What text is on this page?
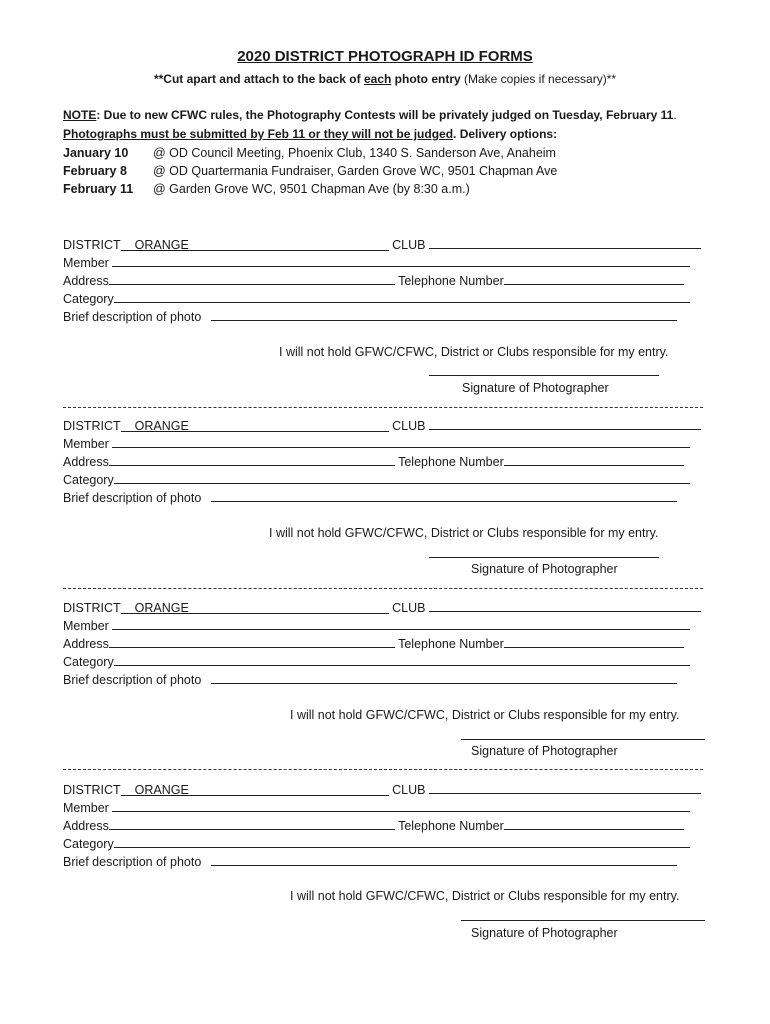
2020 DISTRICT PHOTOGRAPH ID FORMS
**Cut apart and attach to the back of each photo entry (Make copies if necessary)**
NOTE: Due to new CFWC rules, the Photography Contests will be privately judged on Tuesday, February 11.
Photographs must be submitted by Feb 11 or they will not be judged. Delivery options:
January 10 @ OD Council Meeting, Phoenix Club, 1340 S. Sanderson Ave, Anaheim
February 8 @ OD Quartermania Fundraiser, Garden Grove WC, 9501 Chapman Ave
February 11 @ Garden Grove WC, 9501 Chapman Ave (by 8:30 a.m.)
DISTRICT ORANGE	CLUB
Member
Address	Telephone Number
Category
Brief description of photo
I will not hold GFWC/CFWC, District or Clubs responsible for my entry.
Signature of Photographer
DISTRICT ORANGE	CLUB
Member
Address	Telephone Number
Category
Brief description of photo
I will not hold GFWC/CFWC, District or Clubs responsible for my entry.
Signature of Photographer
DISTRICT ORANGE	CLUB
Member
Address	Telephone Number
Category
Brief description of photo
I will not hold GFWC/CFWC, District or Clubs responsible for my entry.
Signature of Photographer
DISTRICT ORANGE	CLUB
Member
Address	Telephone Number
Category
Brief description of photo
I will not hold GFWC/CFWC, District or Clubs responsible for my entry.
Signature of Photographer
